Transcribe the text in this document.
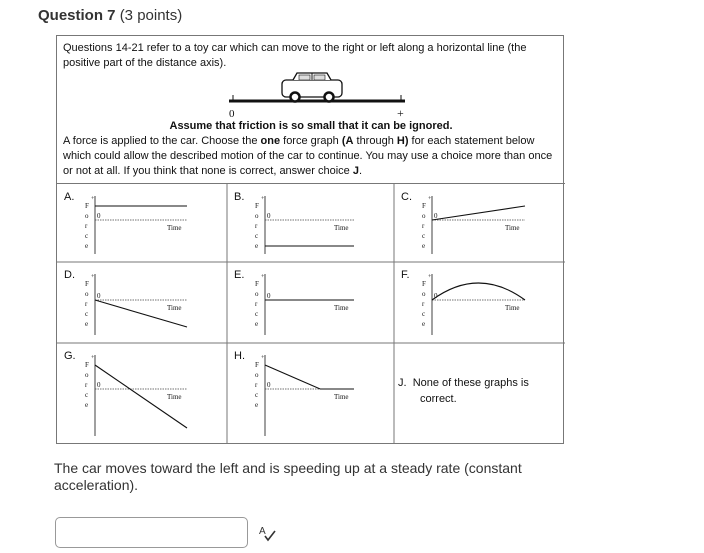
Question 7 (3 points)
Questions 14-21 refer to a toy car which can move to the right or left along a horizontal line (the positive part of the distance axis).
0	+
Assume that friction is so small that it can be ignored.
A force is applied to the car. Choose the one force graph (A through H) for each statement below which could allow the described motion of the car to continue. You may use a choice more than once or not at all. If you think that none is correct, answer choice J.
A.
F
o
r
c
e
+
0
Time
B.
F
o
r
c
e
+
0
Time
C.
F
o
r
c
e
+
0
Time
D.
F
o
r
c
e
+
0
Time
E.
F
o
r
c
e
+
0
Time
F.
F
o
r
c
e
+
0
Time
G.
F
o
r
c
e
+
0
Time
H.
F
o
r
c
e
+
0
Time
J. None of these graphs is
correct.
The car moves toward the left and is speeding up at a steady rate (constant acceleration).
A
